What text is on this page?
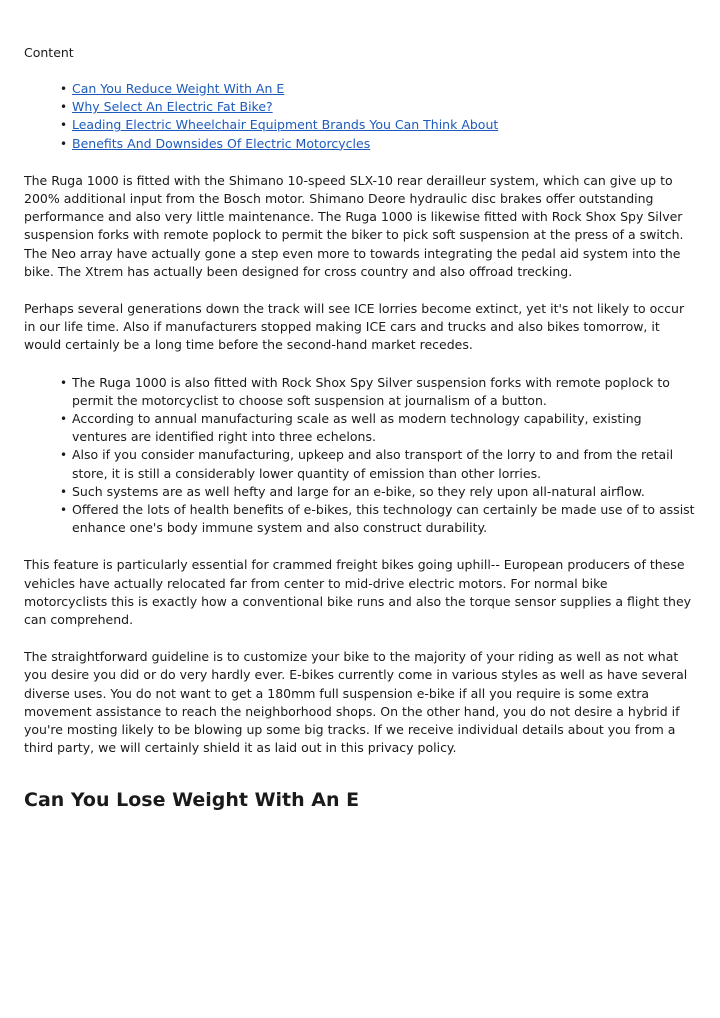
Content
• Can You Reduce Weight With An E
• Why Select An Electric Fat Bike?
• Leading Electric Wheelchair Equipment Brands You Can Think About
• Benefits And Downsides Of Electric Motorcycles

The Ruga 1000 is fitted with the Shimano 10-speed SLX-10 rear derailleur system, which can give up to 200% additional input from the Bosch motor. Shimano Deore hydraulic disc brakes offer outstanding performance and also very little maintenance. The Ruga 1000 is likewise fitted with Rock Shox Spy Silver suspension forks with remote poplock to permit the biker to pick soft suspension at the press of a switch. The Neo array have actually gone a step even more to towards integrating the pedal aid system into the bike. The Xtrem has actually been designed for cross country and also offroad trecking.

Perhaps several generations down the track will see ICE lorries become extinct, yet it's not likely to occur in our life time. Also if manufacturers stopped making ICE cars and trucks and also bikes tomorrow, it would certainly be a long time before the second-hand market recedes.

• The Ruga 1000 is also fitted with Rock Shox Spy Silver suspension forks with remote poplock to permit the motorcyclist to choose soft suspension at journalism of a button.
• According to annual manufacturing scale as well as modern technology capability, existing ventures are identified right into three echelons.
• Also if you consider manufacturing, upkeep and also transport of the lorry to and from the retail store, it is still a considerably lower quantity of emission than other lorries.
• Such systems are as well hefty and large for an e-bike, so they rely upon all-natural airflow.
• Offered the lots of health benefits of e-bikes, this technology can certainly be made use of to assist enhance one's body immune system and also construct durability.

This feature is particularly essential for crammed freight bikes going uphill-- European producers of these vehicles have actually relocated far from center to mid-drive electric motors. For normal bike motorcyclists this is exactly how a conventional bike runs and also the torque sensor supplies a flight they can comprehend.

The straightforward guideline is to customize your bike to the majority of your riding as well as not what you desire you did or do very hardly ever. E-bikes currently come in various styles as well as have several diverse uses. You do not want to get a 180mm full suspension e-bike if all you require is some extra movement assistance to reach the neighborhood shops. On the other hand, you do not desire a hybrid if you're mosting likely to be blowing up some big tracks. If we receive individual details about you from a third party, we will certainly shield it as laid out in this privacy policy.

Can You Lose Weight With An E
